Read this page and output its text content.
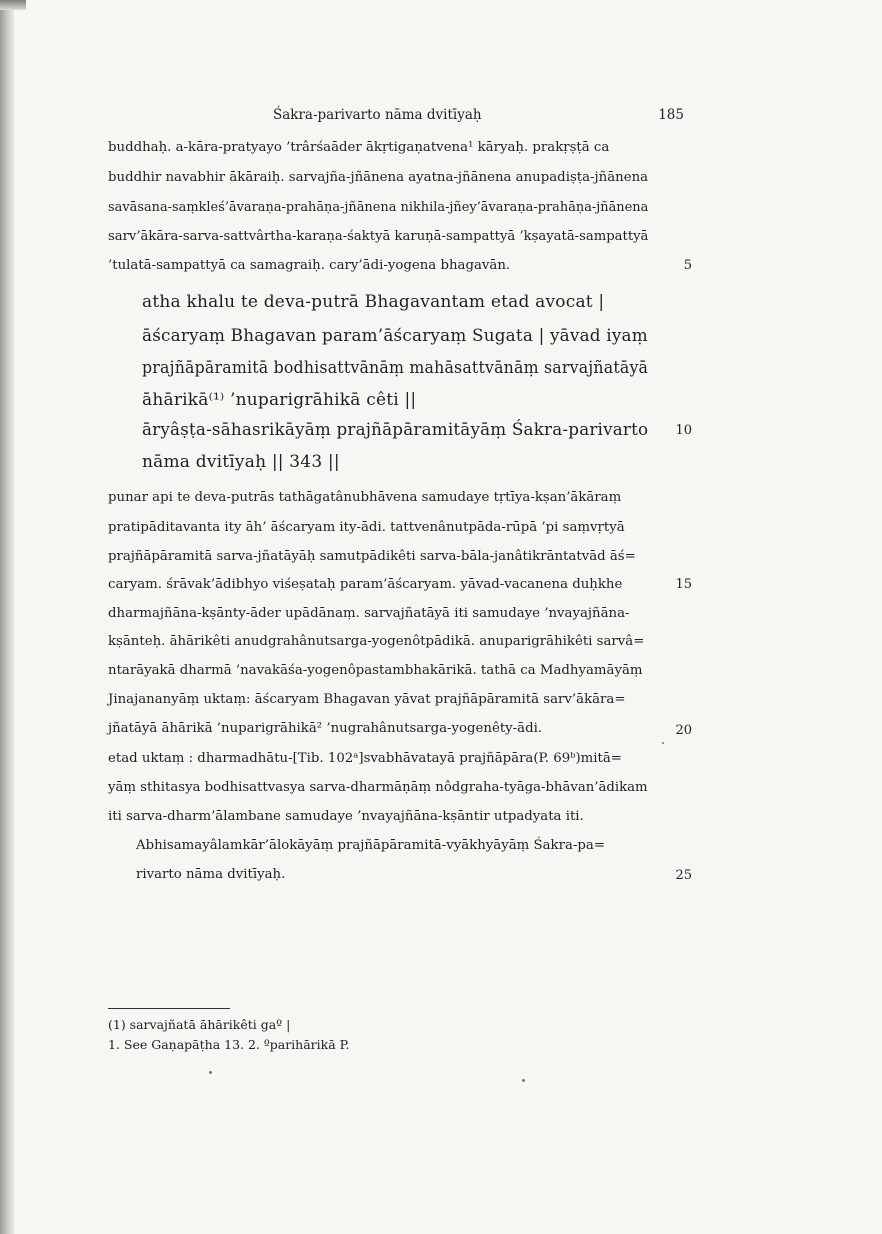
Śakra-parivarto nāma dvitīyaḥ	185
buddhaḥ. a-kāra-pratyayo ’trârśaāder ākṛtigaṇatvena¹ kāryaḥ. prakṛṣṭā ca
buddhir navabhir ākāraiḥ. sarvajña-jñānena ayatna-jñānena anupadiṣṭa-jñānena
savāsana-saṃkleś’āvaraṇa-prahāṇa-jñānena nikhila-jñey’āvaraṇa-prahāṇa-jñānena
sarv’ākāra-sarva-sattvârtha-karaṇa-śaktyā karuṇā-sampattyā ’kṣayatā-sampattyā
’tulatā-sampattyā ca samagraiḥ. cary’ādi-yogena bhagavān.	5
atha khalu te deva-putrā Bhagavantam etad avocat |
āścaryaṃ Bhagavan param’āścaryaṃ Sugata | yāvad iyaṃ
prajñāpāramitā bodhisattvānāṃ mahāsattvānāṃ sarvajñatāyā
āhārikā⁽¹⁾ ’nuparigrāhikā cêti ||
āryâṣṭa-sāhasrikāyāṃ prajñāpāramitāyāṃ Śakra-parivarto 10
nāma dvitīyaḥ || 343 ||
punar api te deva-putrās tathāgatânubhāvena samudaye tṛtīya-kṣan’ākāraṃ
pratipāditavanta ity āh’ āścaryam ity-ādi. tattvenânutpāda-rūpā ’pi saṃvṛtyā
prajñāpāramitā sarva-jñatāyāḥ samutpādikêti sarva-bāla-janâtikrāntatvād āś=
caryam. śrāvak’ādibhyo viśeṣataḥ param’āścaryam. yāvad-vacanena duḥkhe	15
dharmajñāna-kṣānty-āder upādānaṃ. sarvajñatāyā iti samudaye ’nvayajñāna-
kṣānteḥ. āhārikêti anudgrahânutsarga-yogenôtpādikā. anuparigrāhikêti sarvâ=
ntarāyakā dharmā ’navakāśa-yogenôpastambhakārikā. tathā ca Madhyamāyāṃ
Jinajananyāṃ uktaṃ: āścaryam Bhagavan yāvat prajñāpāramitā sarv’ākāra=
jñatāyā āhārikā ’nuparigrāhikā² ’nugrahânutsarga-yogenêty-ādi.	20
etad uktaṃ : dharmadhātu-[Tib. 102ᵃ]svabhāvatayā prajñāpāra(P. 69ᵇ)mitā=
yāṃ sthitasya bodhisattvasya sarva-dharmāṇāṃ nôdgraha-tyāga-bhāvan’ādikam
iti sarva-dharm’ālambane samudaye ’nvayajñāna-kṣāntir utpadyata iti.
Abhisamayâlamkār’ālokāyāṃ prajñāpāramitā-vyākhyāyāṃ Śakra-pa=
rivarto nāma dvitīyaḥ.	25
(1) sarvajñatā āhārikêti gaº |
1. See Gaṇapāṭha 13. 2. ºparihārikā P.
